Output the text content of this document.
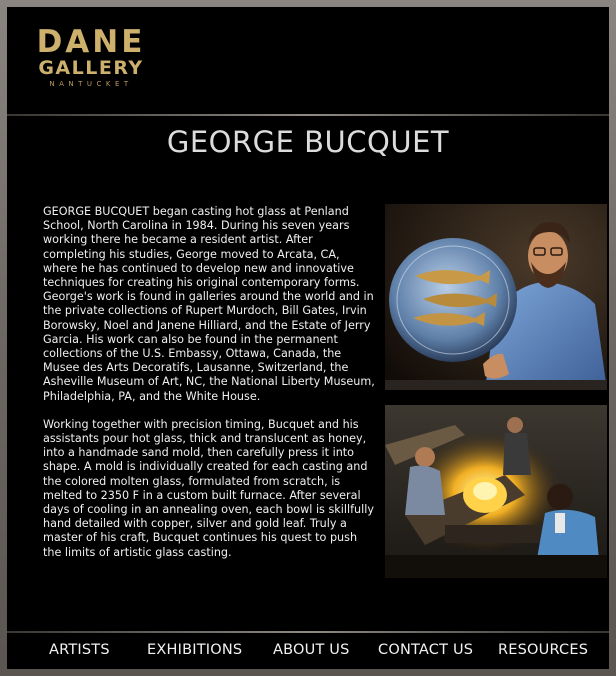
DANE
GALLERY
NANTUCKET
GEORGE BUCQUET

GEORGE BUCQUET began casting hot glass at Penland School, North Carolina in 1984. During his seven years working there he became a resident artist. After completing his studies, George moved to Arcata, CA, where he has continued to develop new and innovative techniques for creating his original contemporary forms. George's work is found in galleries around the world and in the private collections of Rupert Murdoch, Bill Gates, Irvin Borowsky, Noel and Janene Hilliard, and the Estate of Jerry Garcia. His work can also be found in the permanent collections of the U.S. Embassy, Ottawa, Canada, the Musee des Arts Decoratifs, Lausanne, Switzerland, the Asheville Museum of Art, NC, the National Liberty Museum, Philadelphia, PA, and the White House.

Working together with precision timing, Bucquet and his assistants pour hot glass, thick and translucent as honey, into a handmade sand mold, then carefully press it into shape. A mold is individually created for each casting and the colored molten glass, formulated from scratch, is melted to 2350 F in a custom built furnace. After several days of cooling in an annealing oven, each bowl is skillfully hand detailed with copper, silver and gold leaf. Truly a master of his craft, Bucquet continues his quest to push the limits of artistic glass casting.

ARTISTS	EXHIBITIONS ABOUT US CONTACT US RESOURCES
